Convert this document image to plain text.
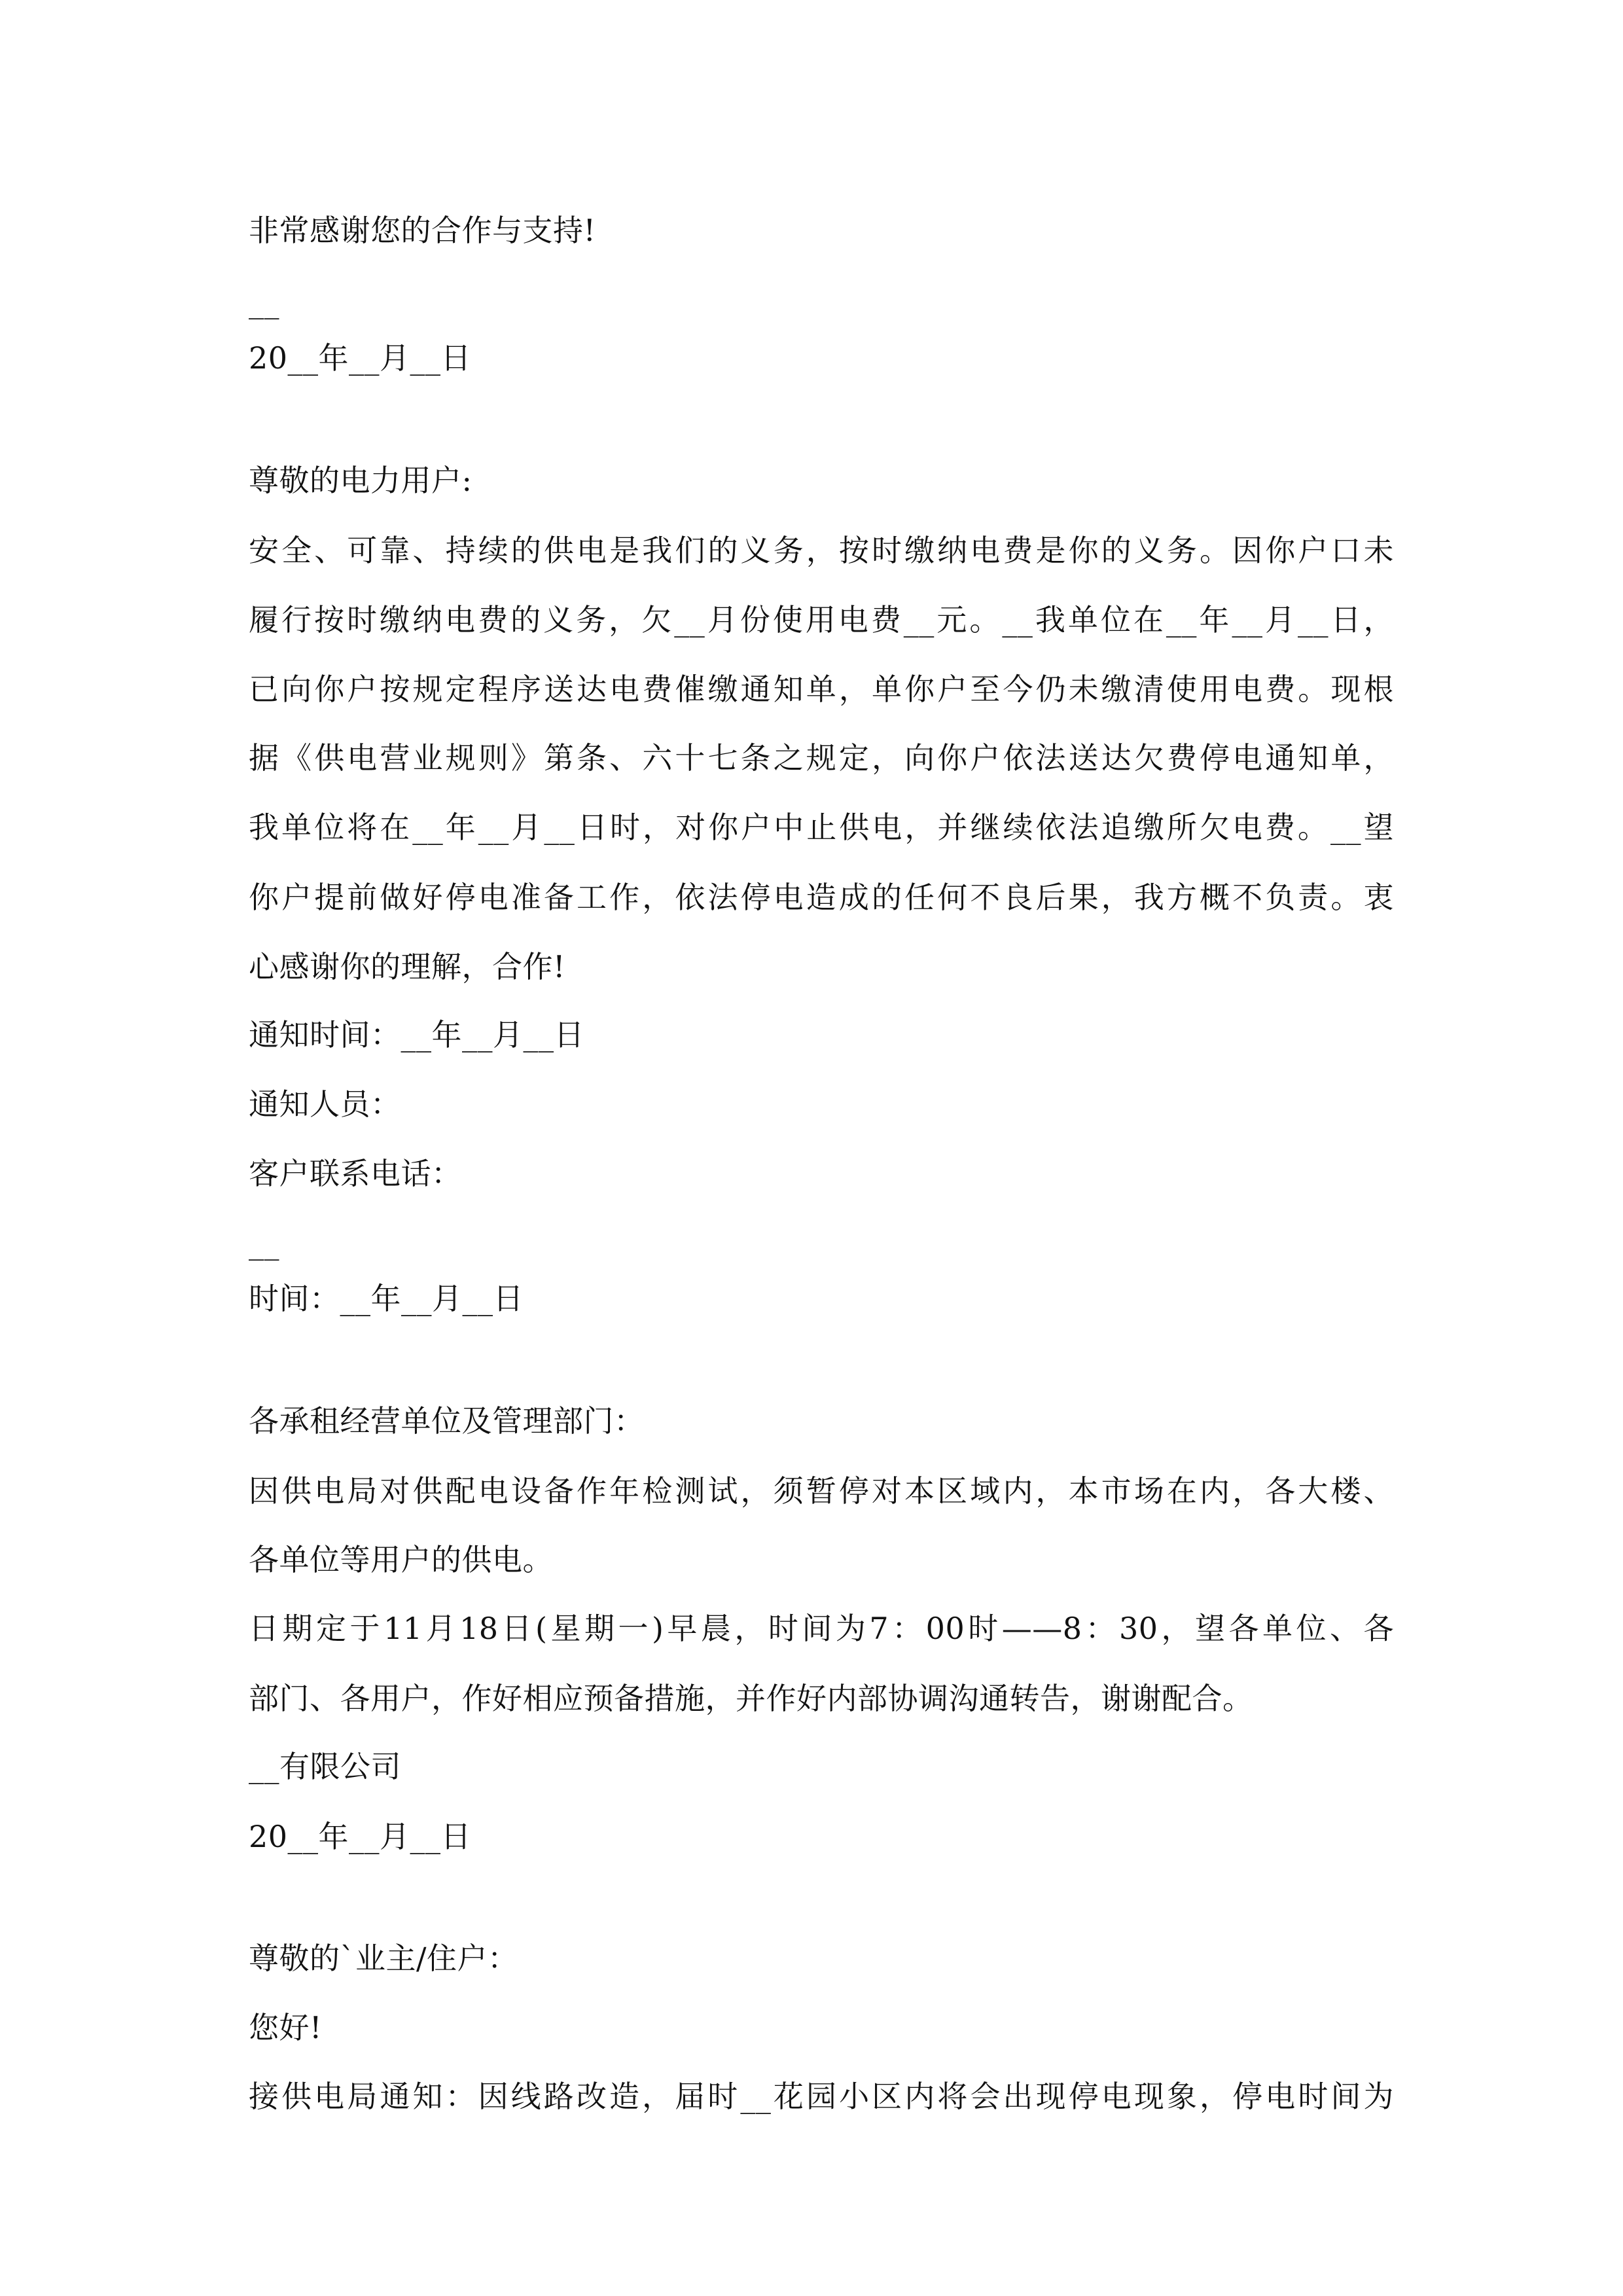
非常感谢您的合作与支持!
__
20__年__月__日
尊敬的电力用户:
安全、可靠、持续的供电是我们的义务，按时缴纳电费是你的义务。因你户口未
履行按时缴纳电费的义务，欠__月份使用电费__元。__我单位在__年__月__日，
已向你户按规定程序送达电费催缴通知单，单你户至今仍未缴清使用电费。现根
据《供电营业规则》第条、六十七条之规定，向你户依法送达欠费停电通知单，
我单位将在__年__月__日时，对你户中止供电，并继续依法追缴所欠电费。__望
你户提前做好停电准备工作，依法停电造成的任何不良后果，我方概不负责。衷
心感谢你的理解，合作!
通知时间：__年__月__日
通知人员：
客户联系电话：
__
时间：__年__月__日
各承租经营单位及管理部门：
因供电局对供配电设备作年检测试，须暂停对本区域内，本市场在内，各大楼、
各单位等用户的供电。
日期定于11月18日(星期一)早晨，时间为7：00时——8：30，望各单位、各
部门、各用户，作好相应预备措施，并作好内部协调沟通转告，谢谢配合。
__有限公司
20__年__月__日
尊敬的`业主/住户：
您好!
接供电局通知：因线路改造，届时__花园小区内将会出现停电现象，停电时间为
